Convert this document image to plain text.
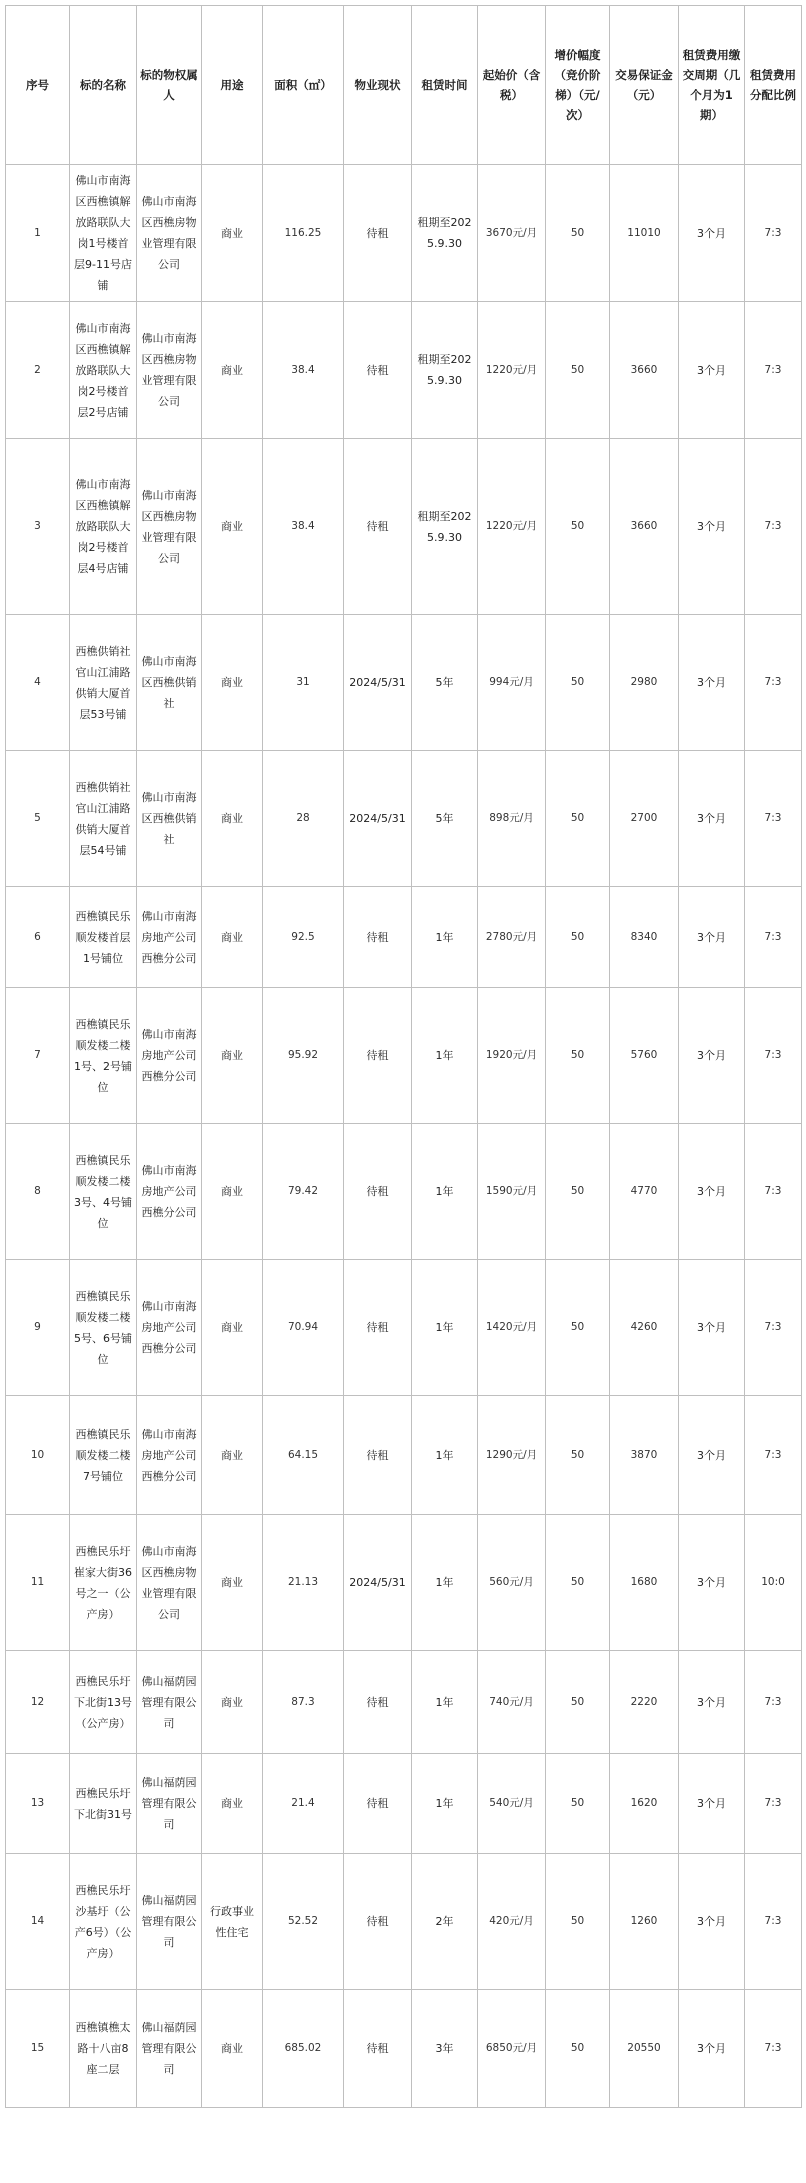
序号	标的名称	标的物权属人	用途	面积（㎡）	物业现状	租赁时间	起始价（含税）	增价幅度（竞价阶梯）（元/次）	交易保证金（元）	租赁费用缴交周期（几个月为1期）	租赁费用分配比例
1	佛山市南海区西樵镇解放路联队大岗1号楼首层9-11号店铺	佛山市南海区西樵房物业管理有限公司	商业	116.25	待租	租期至2025.9.30	3670元/月	50	11010	3个月	7:3
2	佛山市南海区西樵镇解放路联队大岗2号楼首层2号店铺	佛山市南海区西樵房物业管理有限公司	商业	38.4	待租	租期至2025.9.30	1220元/月	50	3660	3个月	7:3
3	佛山市南海区西樵镇解放路联队大岗2号楼首层4号店铺	佛山市南海区西樵房物业管理有限公司	商业	38.4	待租	租期至2025.9.30	1220元/月	50	3660	3个月	7:3
4	西樵供销社官山江浦路供销大厦首层53号铺	佛山市南海区西樵供销社	商业	31	2024/5/31	5年	994元/月	50	2980	3个月	7:3
5	西樵供销社官山江浦路供销大厦首层54号铺	佛山市南海区西樵供销社	商业	28	2024/5/31	5年	898元/月	50	2700	3个月	7:3
6	西樵镇民乐顺发楼首层1号铺位	佛山市南海房地产公司西樵分公司	商业	92.5	待租	1年	2780元/月	50	8340	3个月	7:3
7	西樵镇民乐顺发楼二楼1号、2号铺位	佛山市南海房地产公司西樵分公司	商业	95.92	待租	1年	1920元/月	50	5760	3个月	7:3
8	西樵镇民乐顺发楼二楼3号、4号铺位	佛山市南海房地产公司西樵分公司	商业	79.42	待租	1年	1590元/月	50	4770	3个月	7:3
9	西樵镇民乐顺发楼二楼5号、6号铺位	佛山市南海房地产公司西樵分公司	商业	70.94	待租	1年	1420元/月	50	4260	3个月	7:3
10	西樵镇民乐顺发楼二楼7号铺位	佛山市南海房地产公司西樵分公司	商业	64.15	待租	1年	1290元/月	50	3870	3个月	7:3
11	西樵民乐圩崔家大街36号之一（公产房）	佛山市南海区西樵房物业管理有限公司	商业	21.13	2024/5/31	1年	560元/月	50	1680	3个月	10:0
12	西樵民乐圩下北街13号（公产房）	佛山福荫园管理有限公司	商业	87.3	待租	1年	740元/月	50	2220	3个月	7:3
13	西樵民乐圩下北街31号	佛山福荫园管理有限公司	商业	21.4	待租	1年	540元/月	50	1620	3个月	7:3
14	西樵民乐圩沙基圩（公产6号）（公产房）	佛山福荫园管理有限公司	行政事业性住宅	52.52	待租	2年	420元/月	50	1260	3个月	7:3
15	西樵镇樵太路十八亩8座二层	佛山福荫园管理有限公司	商业	685.02	待租	3年	6850元/月	50	20550	3个月	7:3
